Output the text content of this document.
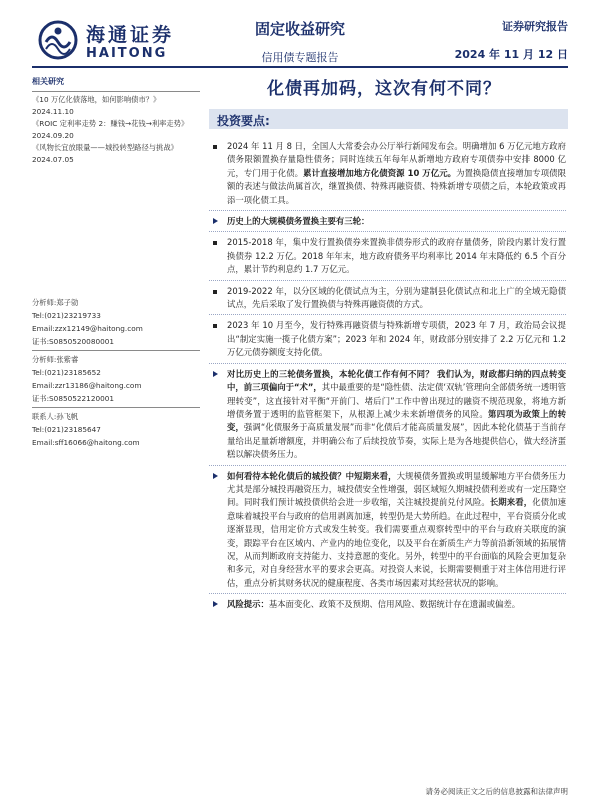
海通证券
HAITONG
固定收益研究
信用债专题报告
证券研究报告
2024 年 11 月 12 日
相关研究
《10 万亿化债落地，如何影响债市？》
2024.11.10
《ROIC 定利率走势 2：赚钱→花钱→利率走势》
2024.09.20
《风物长宜放眼量——城投转型路径与挑战》
2024.07.05
分析师:郑子勍
Tel:(021)23219733
Email:zzx12149@haitong.com
证书:S0850520080001
分析师:张紫睿
Tel:(021)23185652
Email:zzr13186@haitong.com
证书:S0850522120001
联系人:孙飞帆
Tel:(021)23185647
Email:sff16066@haitong.com
化债再加码，这次有何不同？
投资要点:
2024 年 11 月 8 日，全国人大常委会办公厅举行新闻发布会。明确增加 6 万亿元地方政府债务限额置换存量隐性债务；同时连续五年每年从新增地方政府专项债券中安排 8000 亿元，专门用于化债。累计直接增加地方化债资源 10 万亿元。为置换隐债直接增加专项债限额的表述与做法尚属首次，继置换债、特殊再融资债、特殊新增专项债之后，本轮政策或再添一项化债工具。
历史上的大规模债务置换主要有三轮：
2015-2018 年，集中发行置换债券来置换非债券形式的政府存量债务，阶段内累计发行置换债券 12.2 万亿。2018 年年末，地方政府债务平均利率比 2014 年末降低约 6.5 个百分点，累计节约利息约 1.7 万亿元。
2019-2022 年，以分区域的化债试点为主，分别为建制县化债试点和北上广的全域无隐债试点，先后采取了发行置换债与特殊再融资债的方式。
2023 年 10 月至今，发行特殊再融资债与特殊新增专项债，2023 年 7 月，政治局会议提出“制定实施一揽子化债方案”；2023 年和 2024 年，财政部分别安排了 2.2 万亿元和 1.2 万亿元债券额度支持化债。
对比历史上的三轮债务置换，本轮化债工作有何不同？ 我们认为，财政都归纳的四点转变中，前三项偏向于“术”，其中最重要的是“隐性债、法定债‘双轨’管理向全部债务统一透明管理转变”，这直接针对平衡“开前门、堵后门”工作中曾出现过的融资不规范现象，将地方新增债务置于透明的监管框架下，从根源上减少未来新增债务的风险。第四项为政策上的转变，强调“化债服务于高质量发展”而非“化债后才能高质量发展”，因此本轮化债基于当前存量给出足量新增额度，并明确公布了后续投放节奏，实际上是为各地提供信心，做大经济蛋糕以解决债务压力。
如何看待本轮化债后的城投债？中短期来看，大规模债务置换或明显缓解地方平台债务压力尤其是部分城投再融资压力，城投债安全性增强，弱区域短久期城投债利差或有一定压降空间。同时我们预计城投债供给会进一步收缩，关注城投提前兑付风险。长期来看，化债加速意味着城投平台与政府的信用剥离加速，转型仍是大势所趋。在此过程中，平台资质分化或逐渐显现，信用定价方式或发生转变。我们需要重点观察转型中的平台与政府关联度的演变，跟踪平台在区域内、产业内的地位变化，以及平台在新质生产力等前沿新领域的拓展情况，从而判断政府支持能力、支持意愿的变化。另外，转型中的平台面临的风险会更加复杂和多元，对自身经营水平的要求会更高。对投资人来说，长期需要侧重于对主体信用进行评估，重点分析其财务状况的健康程度、各类市场因素对其经营状况的影响。
风险提示：基本面变化、政策不及预期、信用风险、数据统计存在遗漏或偏差。
请务必阅读正文之后的信息披露和法律声明
